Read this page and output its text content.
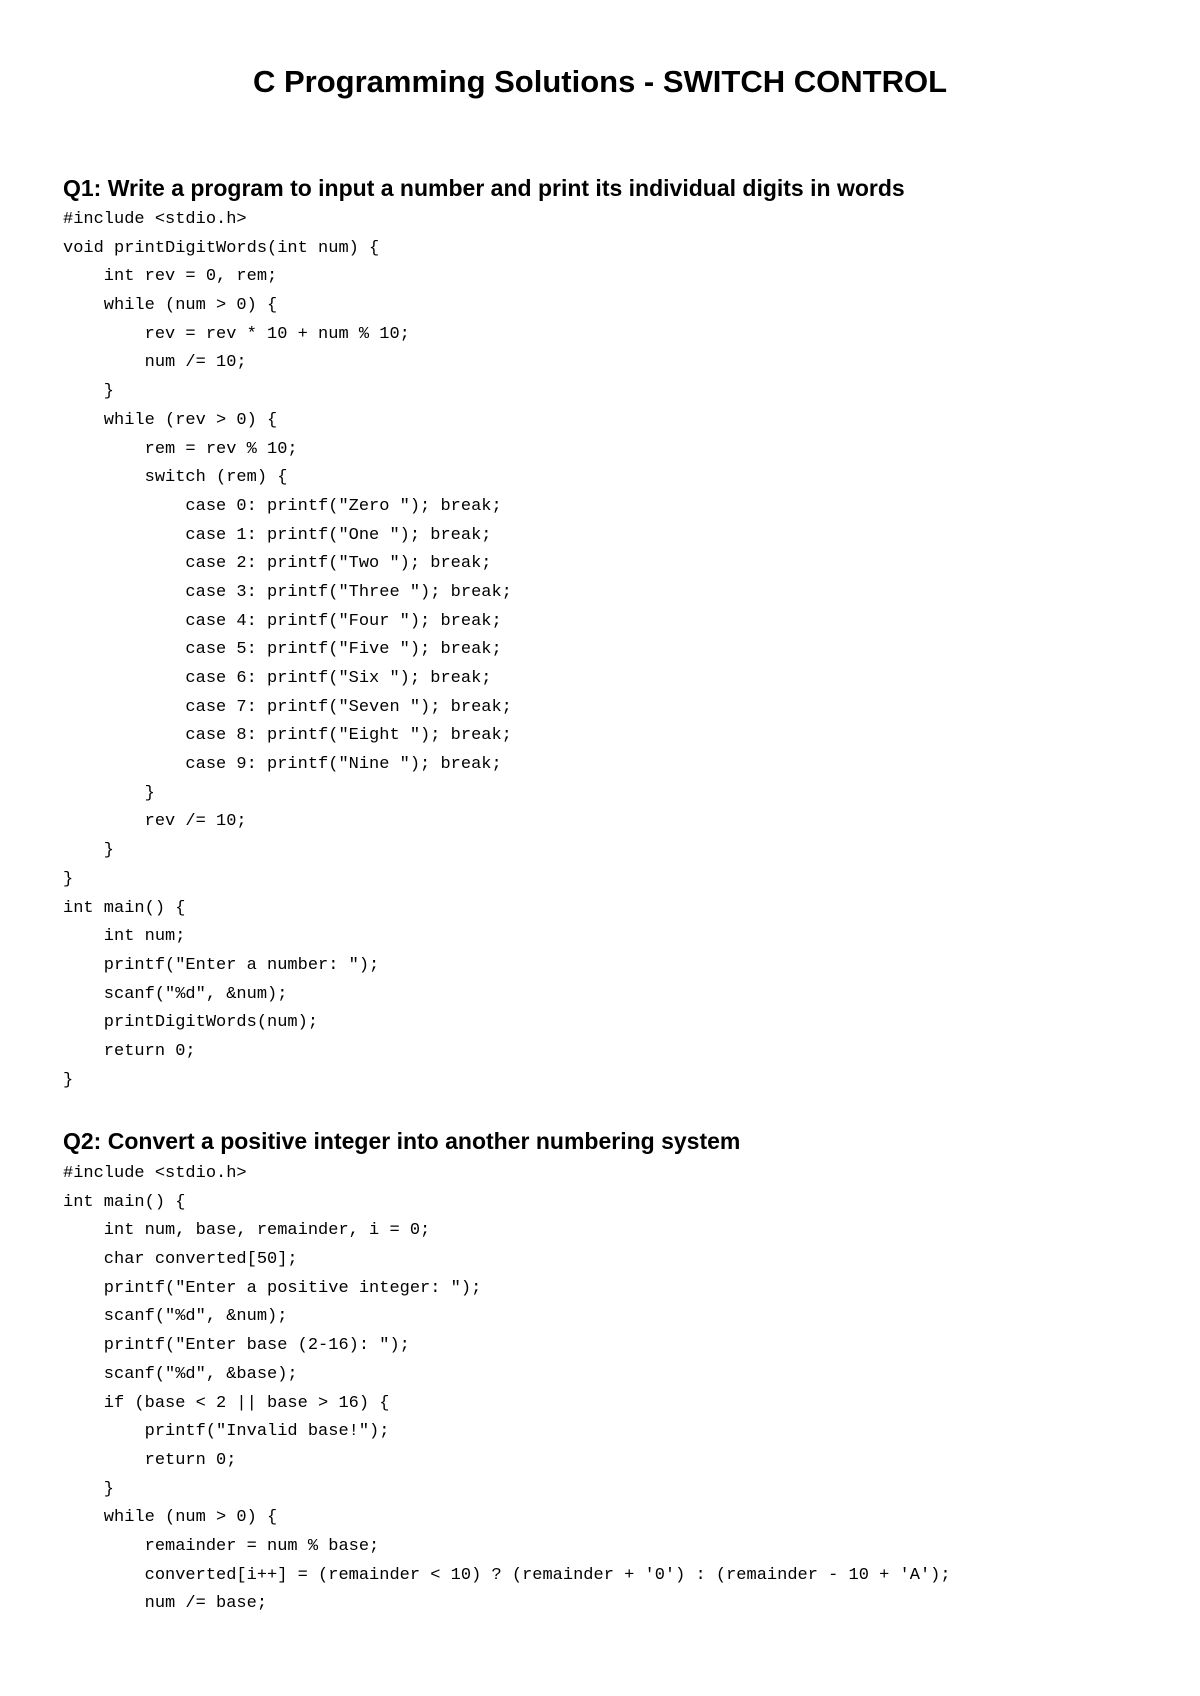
C Programming Solutions - SWITCH CONTROL
Q1: Write a program to input a number and print its individual digits in words
#include <stdio.h>
void printDigitWords(int num) {
int rev = 0, rem;
while (num > 0) {
rev = rev * 10 + num % 10;
num /= 10;
}
while (rev > 0) {
rem = rev % 10;
switch (rem) {
case 0: printf("Zero "); break;
case 1: printf("One "); break;
case 2: printf("Two "); break;
case 3: printf("Three "); break;
case 4: printf("Four "); break;
case 5: printf("Five "); break;
case 6: printf("Six "); break;
case 7: printf("Seven "); break;
case 8: printf("Eight "); break;
case 9: printf("Nine "); break;
}
rev /= 10;
}
}
int main() {
int num;
printf("Enter a number: ");
scanf("%d", &num);
printDigitWords(num);
return 0;
}
Q2: Convert a positive integer into another numbering system
#include <stdio.h>
int main() {
int num, base, remainder, i = 0;
char converted[50];
printf("Enter a positive integer: ");
scanf("%d", &num);
printf("Enter base (2-16): ");
scanf("%d", &base);
if (base < 2 || base > 16) {
printf("Invalid base!");
return 0;
}
while (num > 0) {
remainder = num % base;
converted[i++] = (remainder < 10) ? (remainder + '0') : (remainder - 10 + 'A');
num /= base;
